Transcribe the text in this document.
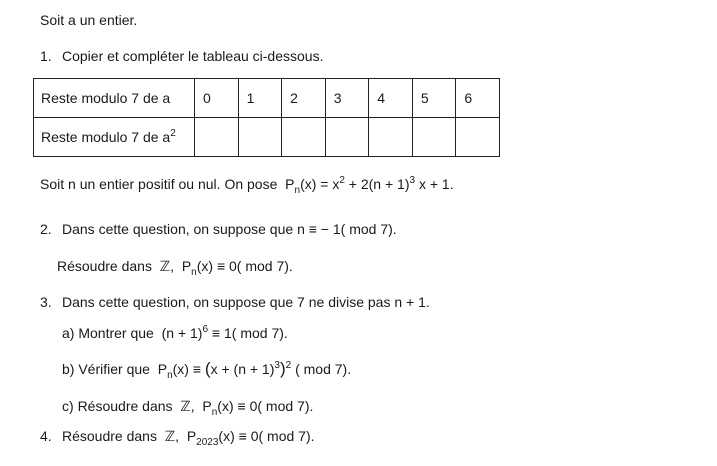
Soit a un entier.
1. Copier et compléter le tableau ci-dessous.
Reste modulo 7 de a	0	1	2	3	4	5	6
Reste modulo 7 de $a^2$							
Soit n un entier positif ou nul. On pose $P_n(x) = x^2 + 2(n + 1)^3$ x + 1.
2. Dans cette question, on suppose que n ≡ − 1( mod 7).
Résoudre dans  ℤ,  $P_n(x) \equiv 0$( mod 7).
3. Dans cette question, on suppose que 7 ne divise pas n + 1.
a) Montrer que  $(n + 1)^6 \equiv 1$( mod 7).
b) Vérifier que  $P_n(x) \equiv (x + (n + 1)^3)^2$ ( mod 7).
c) Résoudre dans  ℤ,  $P_n(x) \equiv 0$( mod 7).
4. Résoudre dans  ℤ,  $P_{2023}(x) \equiv 0$( mod 7).
